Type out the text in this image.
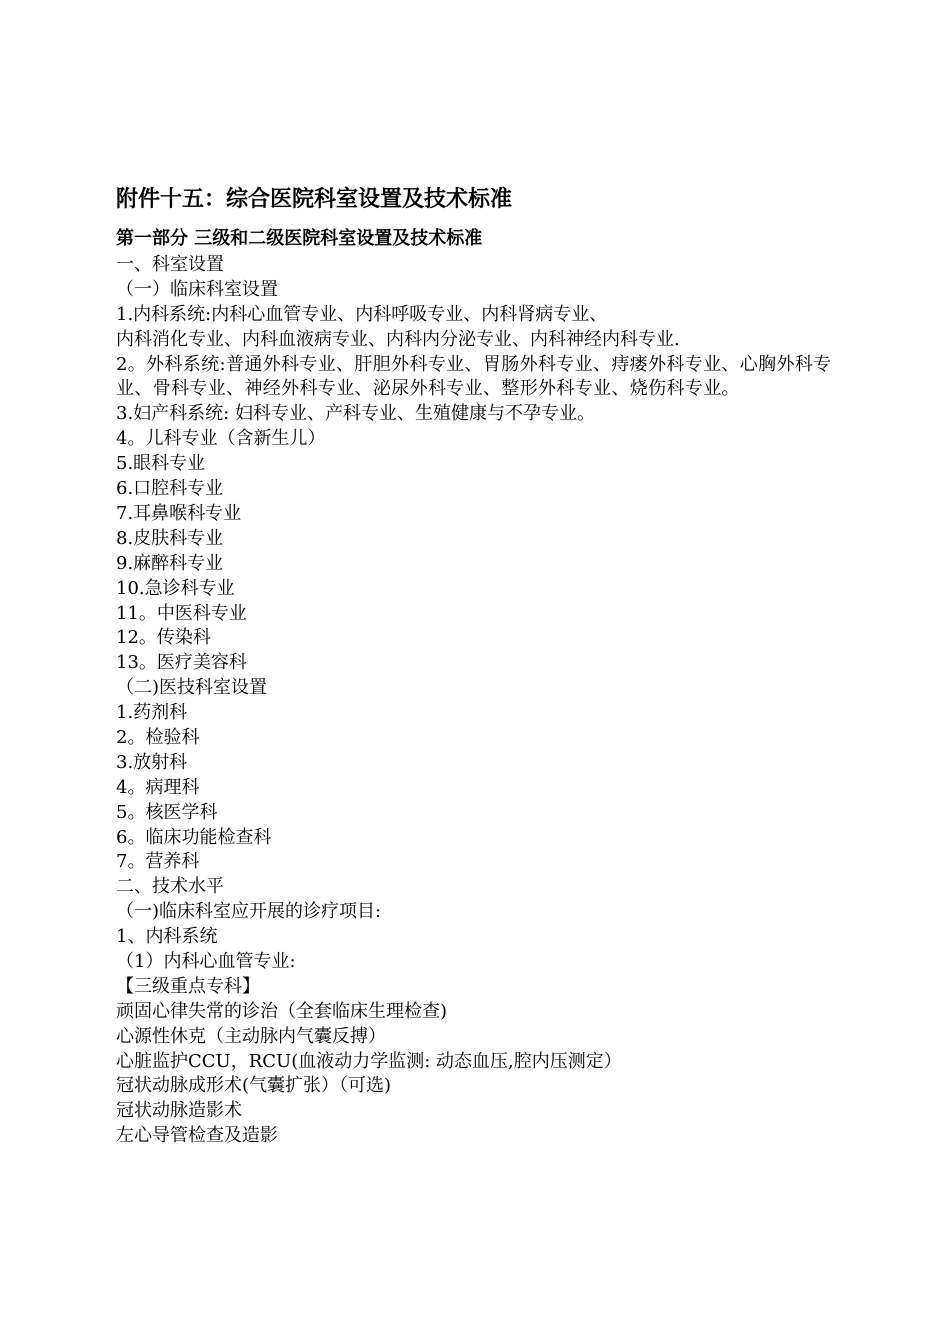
附件十五：综合医院科室设置及技术标准
第一部分 三级和二级医院科室设置及技术标准
一、科室设置
（一）临床科室设置
1.内科系统:内科心血管专业、内科呼吸专业、内科肾病专业、
内科消化专业、内科血液病专业、内科内分泌专业、内科神经内科专业.
2。外科系统:普通外科专业、肝胆外科专业、胃肠外科专业、痔瘘外科专业、心胸外科专业、骨科专业、神经外科专业、泌尿外科专业、整形外科专业、烧伤科专业。
3.妇产科系统: 妇科专业、产科专业、生殖健康与不孕专业。
4。儿科专业（含新生儿）
5.眼科专业
6.口腔科专业
7.耳鼻喉科专业
8.皮肤科专业
9.麻醉科专业
10.急诊科专业
11。中医科专业
12。传染科
13。医疗美容科
（二)医技科室设置
1.药剂科
2。检验科
3.放射科
4。病理科
5。核医学科
6。临床功能检查科
7。营养科
二、技术水平
（一)临床科室应开展的诊疗项目:
1、内科系统
（1）内科心血管专业:
【三级重点专科】
顽固心律失常的诊治（全套临床生理检查)
心源性休克（主动脉内气囊反搏）
心脏监护CCU，RCU(血液动力学监测: 动态血压,腔内压测定）
冠状动脉成形术(气囊扩张）（可选)
冠状动脉造影术
左心导管检查及造影
